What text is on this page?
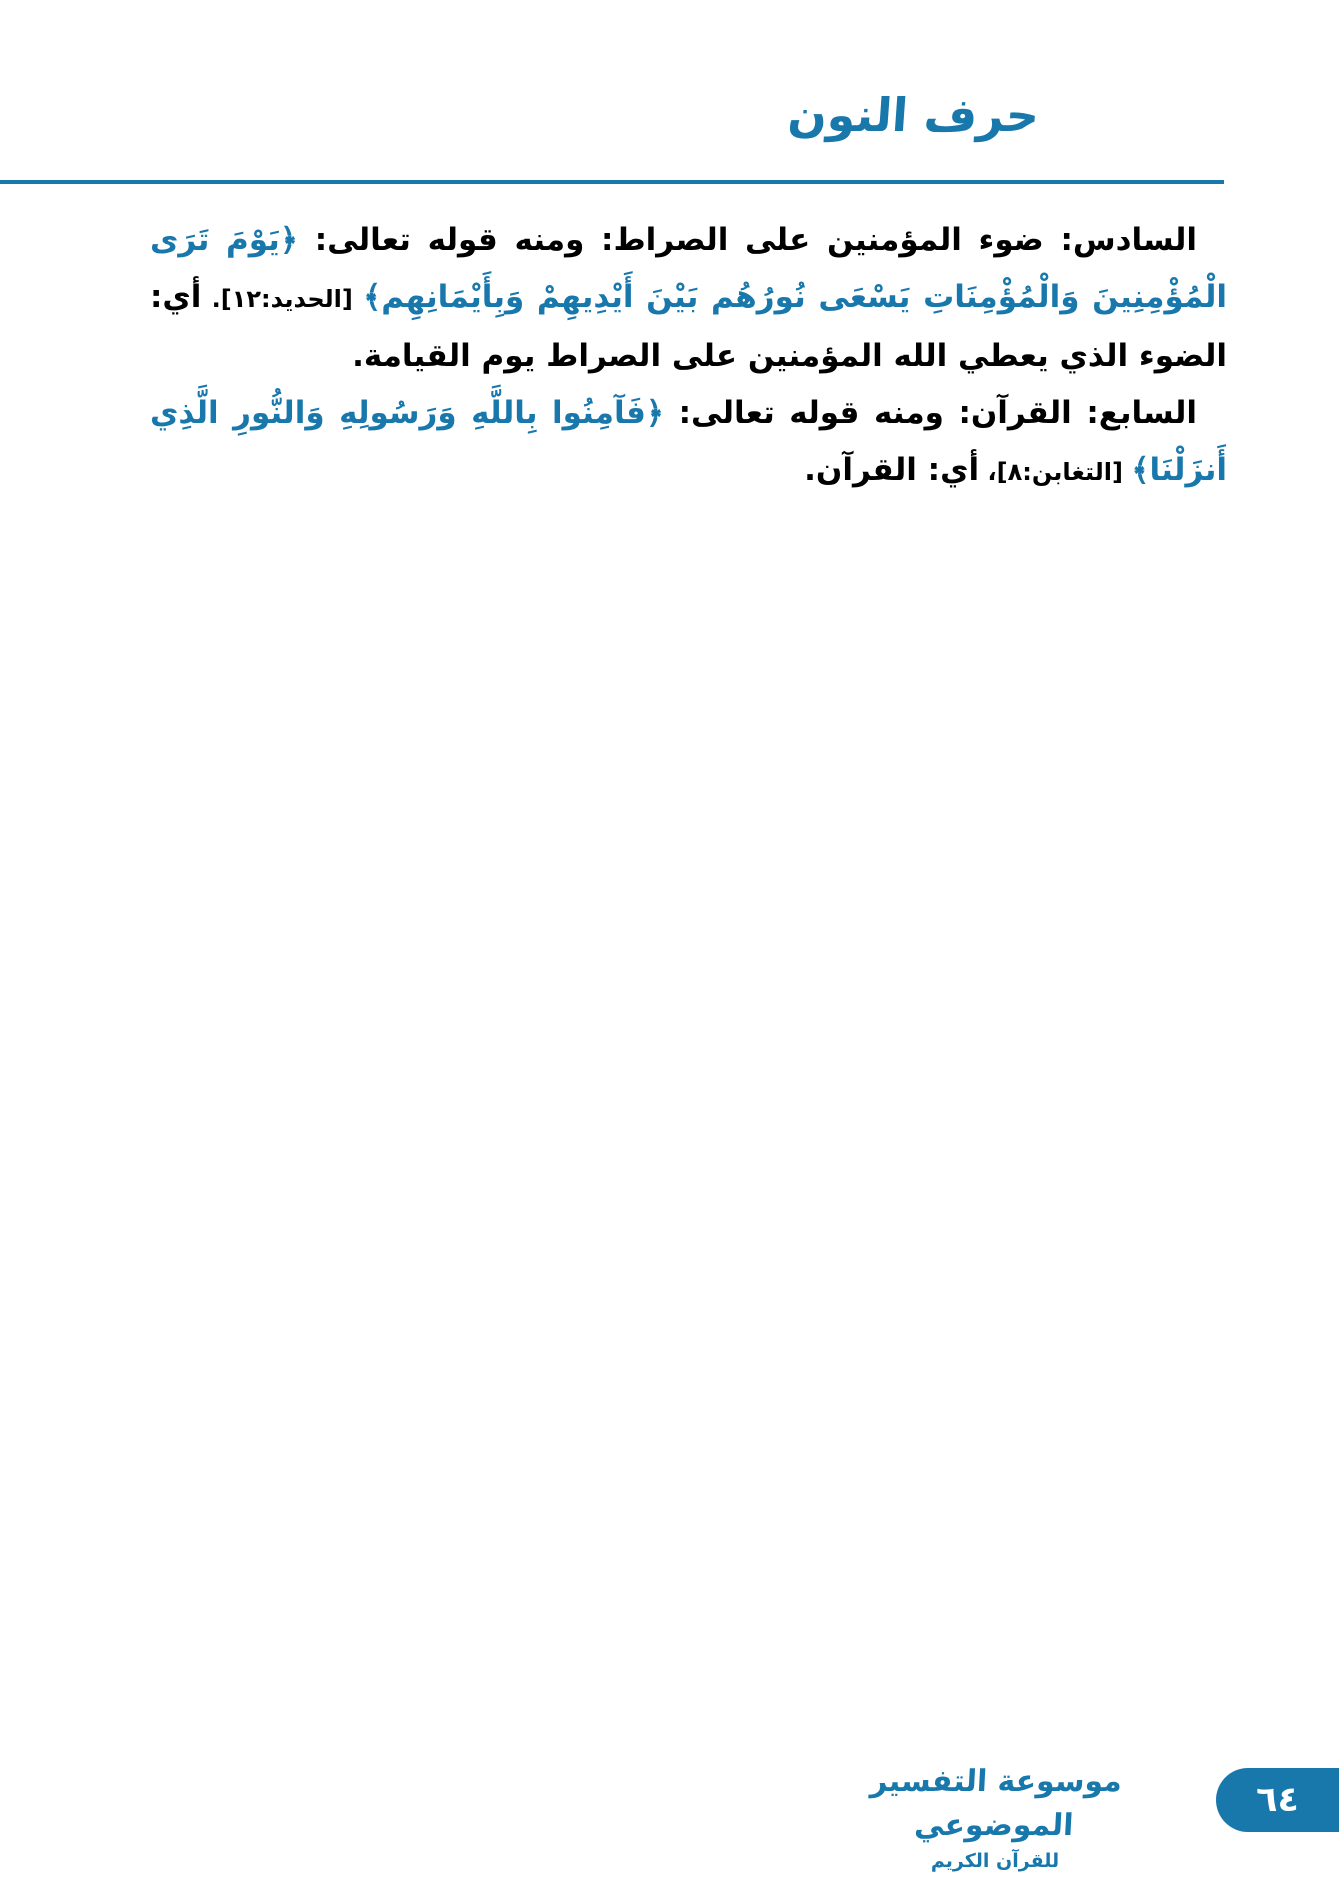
حرف النون

السادس: ضوء المؤمنين على الصراط: ومنه قوله تعالى: ﴿يَوْمَ تَرَى الْمُؤْمِنِينَ وَالْمُؤْمِنَاتِ يَسْعَى نُورُهُم بَيْنَ أَيْدِيهِمْ وَبِأَيْمَانِهِم﴾ [الحديد:١٢]. أي: الضوء الذي يعطي الله المؤمنين على الصراط يوم القيامة.

السابع: القرآن: ومنه قوله تعالى: ﴿فَآمِنُوا بِاللَّهِ وَرَسُولِهِ وَالنُّورِ الَّذِي أَنزَلْنَا﴾ [التغابن:٨]، أي: القرآن.

موسوعة التفسير الموضوعي
للقرآن الكريم
٦٤
